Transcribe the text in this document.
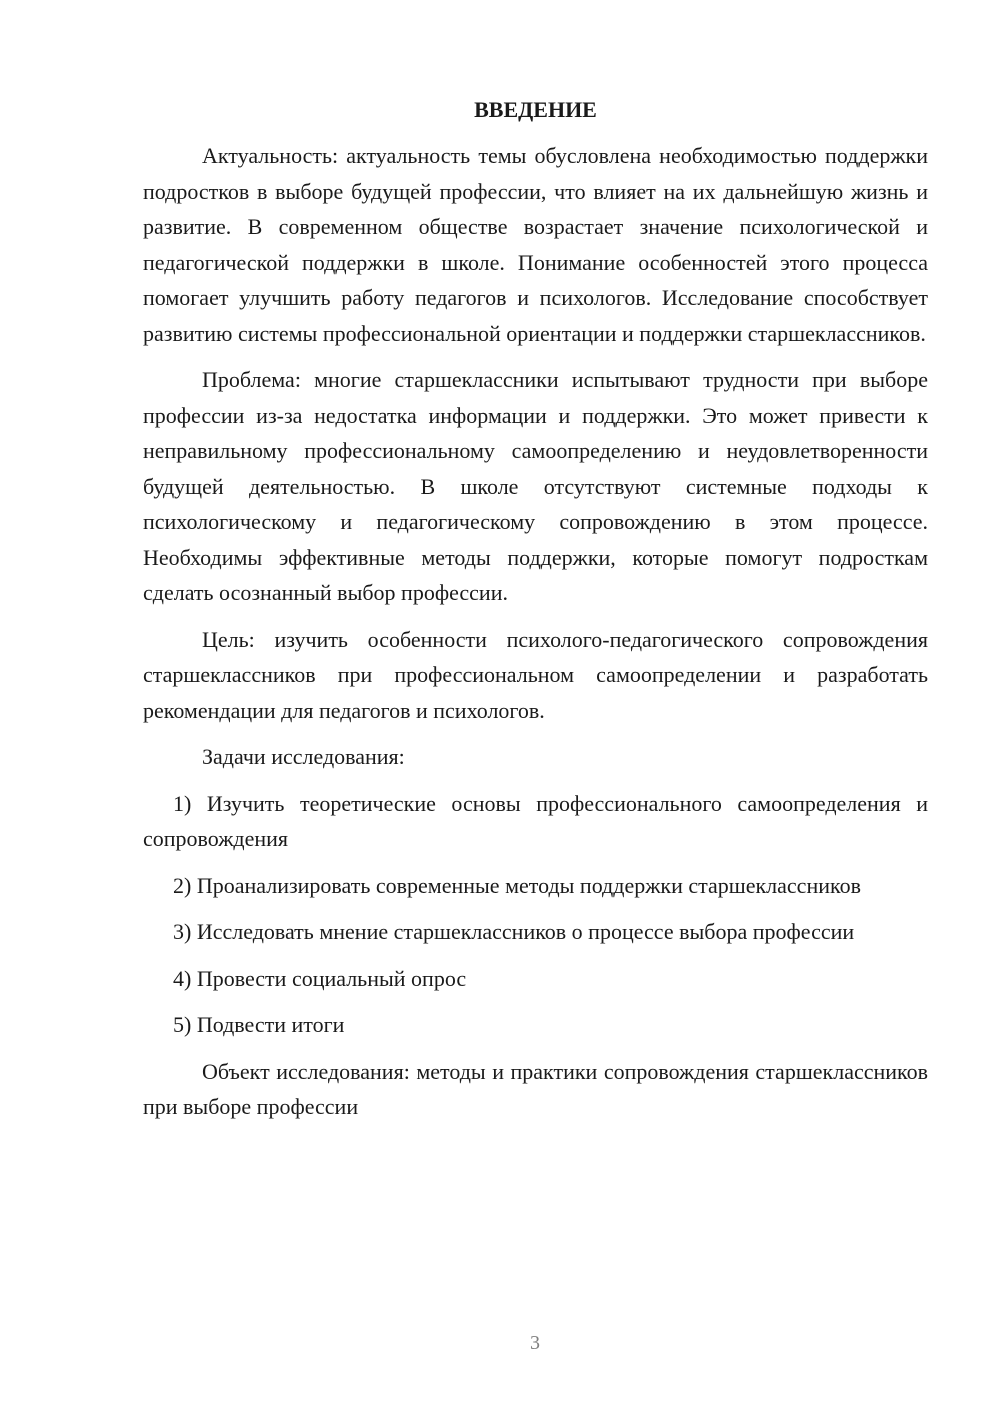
ВВЕДЕНИЕ

Актуальность: актуальность темы обусловлена необходимостью поддержки подростков в выборе будущей профессии, что влияет на их дальнейшую жизнь и развитие. В современном обществе возрастает значение психологической и педагогической поддержки в школе. Понимание особенностей этого процесса помогает улучшить работу педагогов и психологов. Исследование способствует развитию системы профессиональной ориентации и поддержки старшеклассников.

Проблема: многие старшеклассники испытывают трудности при выборе профессии из-за недостатка информации и поддержки. Это может привести к неправильному профессиональному самоопределению и неудовлетворенности будущей деятельностью. В школе отсутствуют системные подходы к психологическому и педагогическому сопровождению в этом процессе. Необходимы эффективные методы поддержки, которые помогут подросткам сделать осознанный выбор профессии.

Цель: изучить особенности психолого-педагогического сопровождения старшеклассников при профессиональном самоопределении и разработать рекомендации для педагогов и психологов.

Задачи исследования:

1) Изучить теоретические основы профессионального самоопределения и сопровождения

2) Проанализировать современные методы поддержки старшеклассников

3) Исследовать мнение старшеклассников о процессе выбора профессии

4) Провести социальный опрос

5) Подвести итоги

Объект исследования: методы и практики сопровождения старшеклассников при выборе профессии

3
